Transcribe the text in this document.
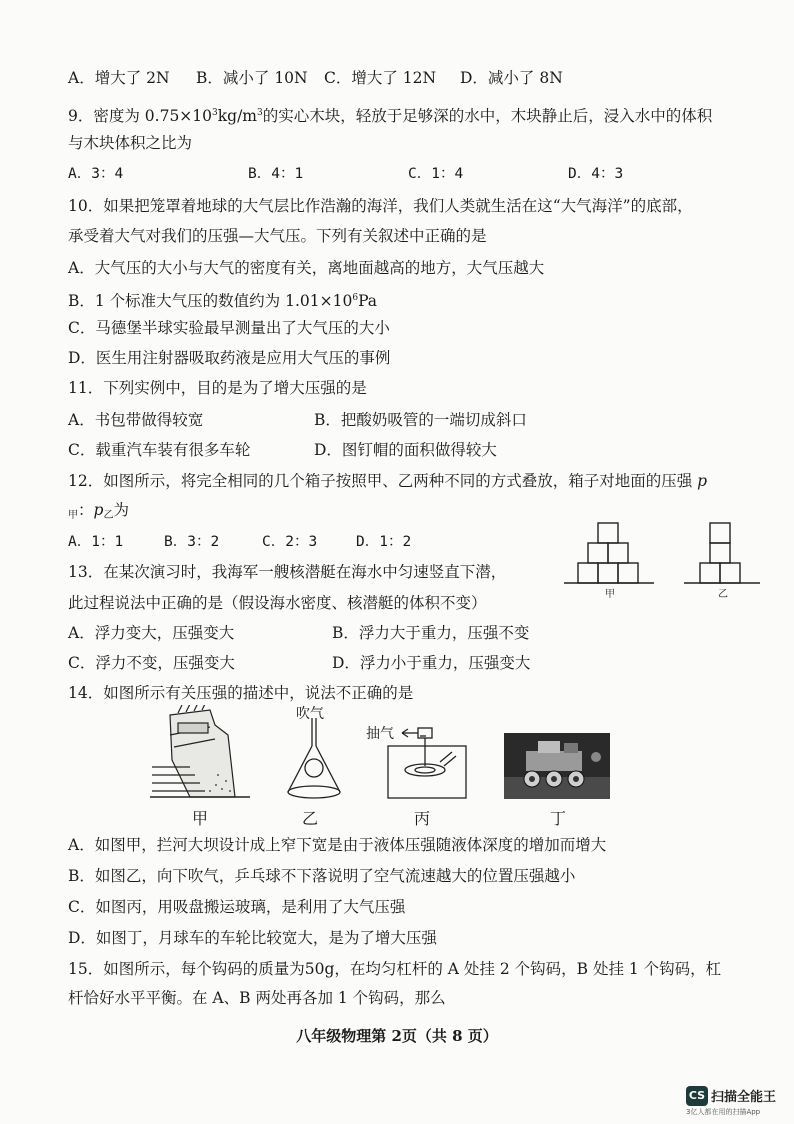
A．增大了 2N B．减小了 10N C．增大了 12N D．减小了 8N
9．密度为 $0.75\times 10^3kg/m^3$的实心木块，轻放于足够深的水中，木块静止后，浸入水中的体积
与木块体积之比为
A．3：4	B．4：1	C．1：4	D．4：3
10．如果把笼罩着地球的大气层比作浩瀚的海洋，我们人类就生活在这“大气海洋”的底部，
承受着大气对我们的压强—大气压。下列有关叙述中正确的是
A．大气压的大小与大气的密度有关，离地面越高的地方，大气压越大
B．1 个标准大气压的数值约为 $1.01\times 10^6Pa$
C．马德堡半球实验最早测量出了大气压的大小
D．医生用注射器吸取药液是应用大气压的事例
11．下列实例中，目的是为了增大压强的是
A．书包带做得较宽	B．把酸奶吸管的一端切成斜口
C．载重汽车装有很多车轮	D．图钉帽的面积做得较大
12．如图所示，将完全相同的几个箱子按照甲、乙两种不同的方式叠放，箱子对地面的压强 p
$_甲$：$p_乙$为
A．1：1	B．3：2	C．2：3	D．1：2
甲	乙
13．在某次演习时，我海军一艘核潜艇在海水中匀速竖直下潜，
此过程说法中正确的是（假设海水密度、核潜艇的体积不变）
A．浮力变大，压强变大	B．浮力大于重力，压强不变
C．浮力不变，压强变大	D．浮力小于重力，压强变大
14．如图所示有关压强的描述中，说法不正确的是
吹气
抽气
甲	乙	丙	丁
A．如图甲，拦河大坝设计成上窄下宽是由于液体压强随液体深度的增加而增大
B．如图乙，向下吹气，乒乓球不下落说明了空气流速越大的位置压强越小
C．如图丙，用吸盘搬运玻璃，是利用了大气压强
D．如图丁，月球车的车轮比较宽大，是为了增大压强
15．如图所示，每个钩码的质量为50g，在均匀杠杆的 A 处挂 2 个钩码，B 处挂 1 个钩码，杠
杆恰好水平平衡。在 A、B 两处再各加 1 个钩码，那么
八年级物理第 2页（共 8 页）
CS 扫描全能王
3亿人都在用的扫描App
